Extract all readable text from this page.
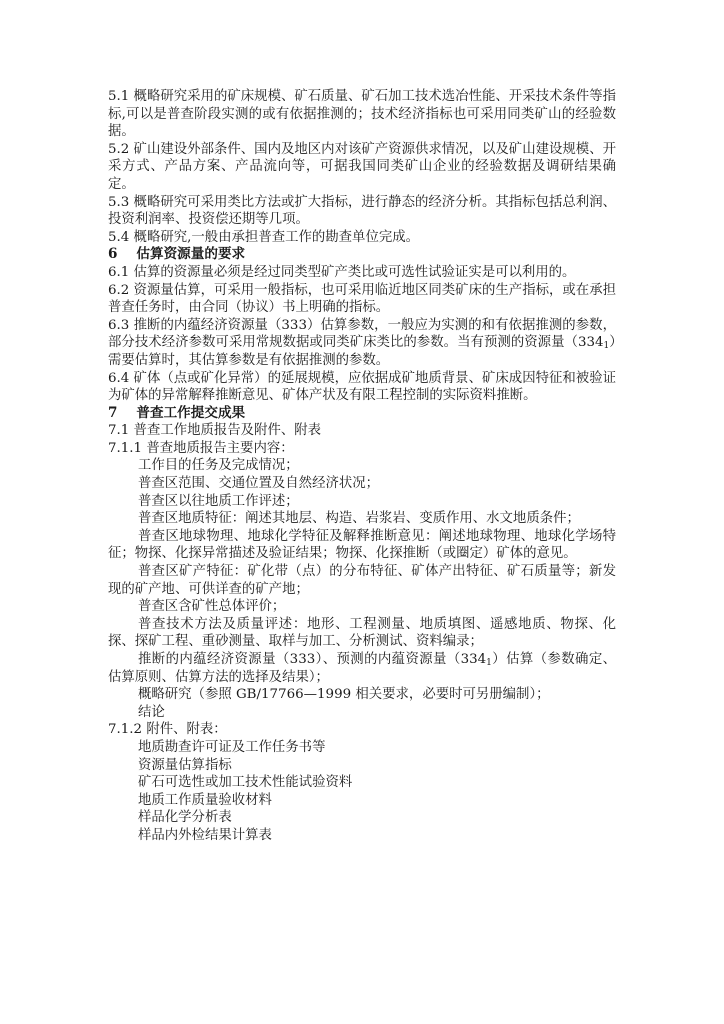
5.1 概略研究采用的矿床规模、矿石质量、矿石加工技术选冶性能、开采技术条件等指标,可以是普查阶段实测的或有依据推测的；技术经济指标也可采用同类矿山的经验数据。

5.2 矿山建设外部条件、国内及地区内对该矿产资源供求情况，以及矿山建设规模、开采方式、产品方案、产品流向等，可据我国同类矿山企业的经验数据及调研结果确定。

5.3 概略研究可采用类比方法或扩大指标，进行静态的经济分析。其指标包括总利润、投资利润率、投资偿还期等几项。

5.4 概略研究,一般由承担普查工作的勘查单位完成。

6 估算资源量的要求

6.1 估算的资源量必须是经过同类型矿产类比或可选性试验证实是可以利用的。

6.2 资源量估算，可采用一般指标，也可采用临近地区同类矿床的生产指标，或在承担普查任务时，由合同（协议）书上明确的指标。

6.3 推断的内蕴经济资源量（333）估算参数，一般应为实测的和有依据推测的参数，部分技术经济参数可采用常规数据或同类矿床类比的参数。当有预测的资源量$(334_1)$需要估算时，其估算参数是有依据推测的参数。

6.4 矿体（点或矿化异常）的延展规模，应依据成矿地质背景、矿床成因特征和被验证为矿体的异常解释推断意见、矿体产状及有限工程控制的实际资料推断。

7 普查工作提交成果

7.1 普查工作地质报告及附件、附表

7.1.1 普查地质报告主要内容：

工作目的任务及完成情况；

普查区范围、交通位置及自然经济状况；

普查区以往地质工作评述；

普查区地质特征：阐述其地层、构造、岩浆岩、变质作用、水文地质条件；

普查区地球物理、地球化学特征及解释推断意见：阐述地球物理、地球化学场特征；物探、化探异常描述及验证结果；物探、化探推断（或圈定）矿体的意见。

普查区矿产特征：矿化带（点）的分布特征、矿体产出特征、矿石质量等；新发现的矿产地、可供详查的矿产地；

普查区含矿性总体评价；

普查技术方法及质量评述：地形、工程测量、地质填图、遥感地质、物探、化探、探矿工程、重砂测量、取样与加工、分析测试、资料编录；

推断的内蕴经济资源量（333）、预测的内蕴资源量$(334_1)$估算（参数确定、估算原则、估算方法的选择及结果）；

概略研究（参照 GB/17766—1999 相关要求，必要时可另册编制）；

结论

7.1.2 附件、附表：

地质勘查许可证及工作任务书等

资源量估算指标

矿石可选性或加工技术性能试验资料

地质工作质量验收材料

样品化学分析表

样品内外检结果计算表
